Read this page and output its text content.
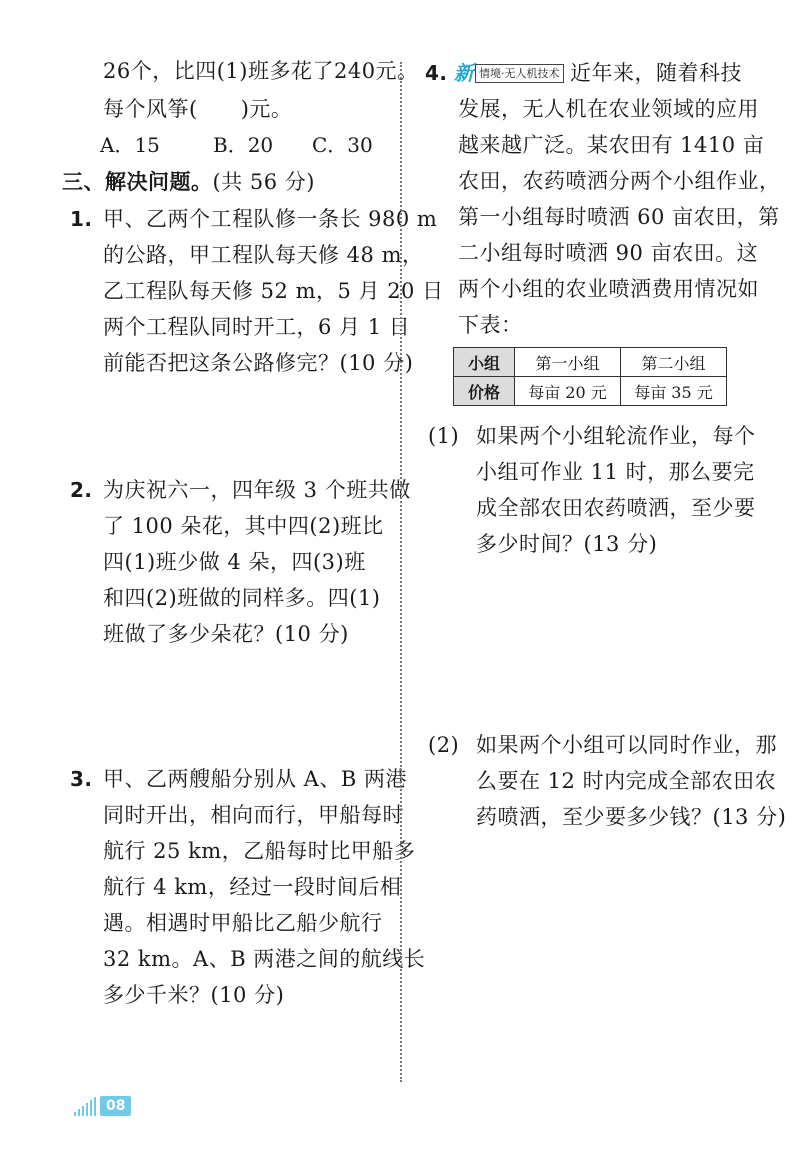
26个，比四(1)班多花了240元。
每个风筝(　　)元。
A．15	B．20 C．30
三、解决问题。(共 56 分)
1. 甲、乙两个工程队修一条长 980 m
的公路，甲工程队每天修 48 m，
乙工程队每天修 52 m，5 月 20 日
两个工程队同时开工，6 月 1 日
前能否把这条公路修完？(10 分)
2. 为庆祝六一，四年级 3 个班共做
了 100 朵花，其中四(2)班比
四(1)班少做 4 朵，四(3)班
和四(2)班做的同样多。四(1)
班做了多少朵花？(10 分)
3. 甲、乙两艘船分别从 A、B 两港
同时开出，相向而行，甲船每时
航行 25 km，乙船每时比甲船多
航行 4 km，经过一段时间后相
遇。相遇时甲船比乙船少航行
32 km。A、B 两港之间的航线长
多少千米？(10 分)
4. 新 情境·无人机技术 近年来，随着科技
发展，无人机在农业领域的应用
越来越广泛。某农田有 1410 亩
农田，农药喷洒分两个小组作业，
第一小组每时喷洒 60 亩农田，第
二小组每时喷洒 90 亩农田。这
两个小组的农业喷洒费用情况如
下表：
小组	第一小组	第二小组
价格	每亩 20 元	每亩 35 元
(1) 如果两个小组轮流作业，每个
小组可作业 11 时，那么要完
成全部农田农药喷洒，至少要
多少时间？(13 分)
(2) 如果两个小组可以同时作业，那
么要在 12 时内完成全部农田农
药喷洒，至少要多少钱？(13 分)
08
